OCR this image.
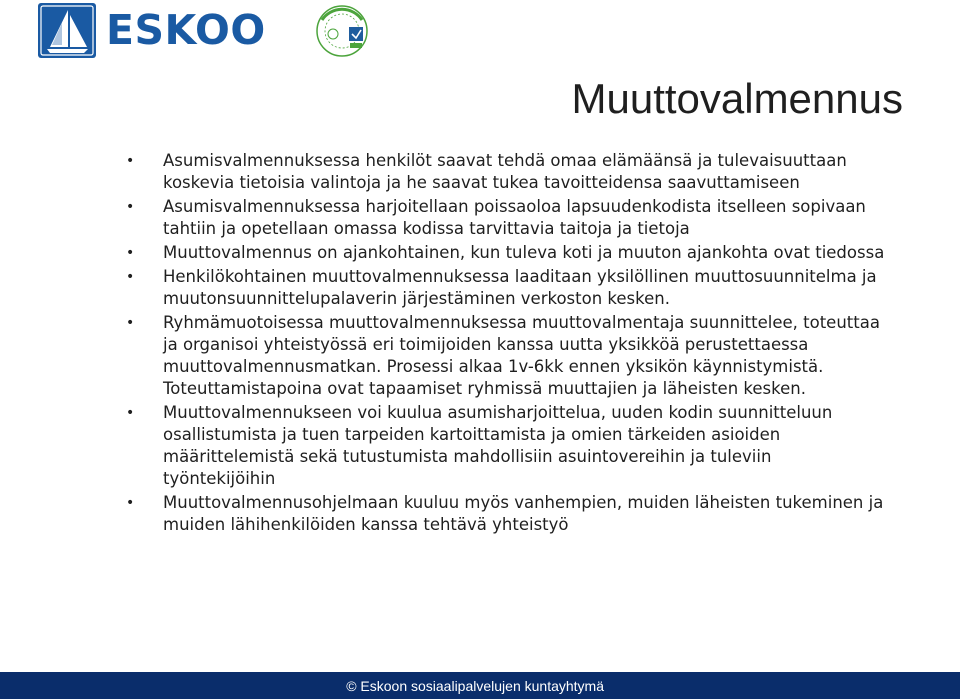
ESKOO
Muuttovalmennus
• Asumisvalmennuksessa henkilöt saavat tehdä omaa elämäänsä ja tulevaisuuttaan koskevia tietoisia valintoja ja he saavat tukea tavoitteidensa saavuttamiseen
• Asumisvalmennuksessa harjoitellaan poissaoloa lapsuudenkodista itselleen sopivaan tahtiin ja opetellaan omassa kodissa tarvittavia taitoja ja tietoja
• Muuttovalmennus on ajankohtainen, kun tuleva koti ja muuton ajankohta ovat tiedossa
• Henkilökohtainen muuttovalmennuksessa laaditaan yksilöllinen muuttosuunnitelma ja muutonsuunnittelupalaverin järjestäminen verkoston kesken.
• Ryhmämuotoisessa muuttovalmennuksessa muuttovalmentaja suunnittelee, toteuttaa ja organisoi yhteistyössä eri toimijoiden kanssa uutta yksikköä perustettaessa muuttovalmennusmatkan. Prosessi alkaa 1v-6kk ennen yksikön käynnistymistä. Toteuttamistapoina ovat tapaamiset ryhmissä muuttajien ja läheisten kesken.
• Muuttovalmennukseen voi kuulua asumisharjoittelua, uuden kodin suunnitteluun osallistumista ja tuen tarpeiden kartoittamista ja omien tärkeiden asioiden määrittelemistä sekä tutustumista mahdollisiin asuintovereihin ja tuleviin työntekijöihin
• Muuttovalmennusohjelmaan kuuluu myös vanhempien, muiden läheisten tukeminen ja muiden lähihenkilöiden kanssa tehtävä yhteistyö
© Eskoon sosiaalipalvelujen kuntayhtymä
